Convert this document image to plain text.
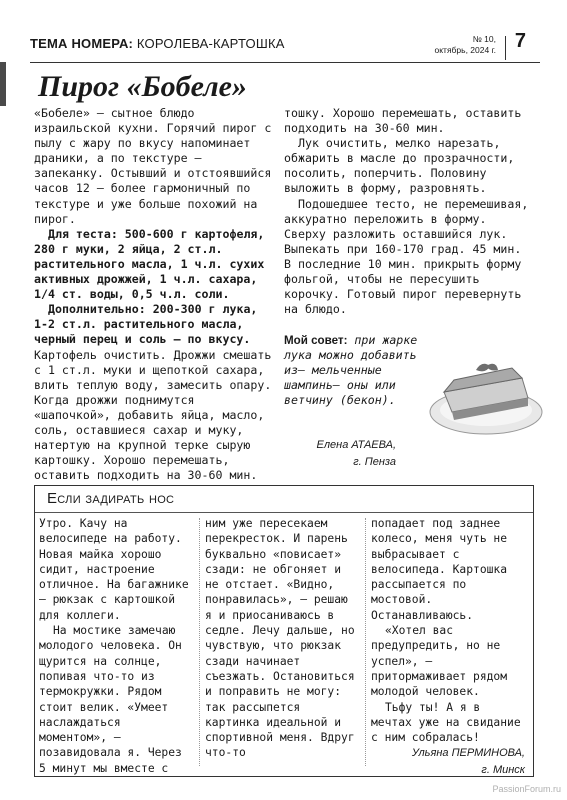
ТЕМА НОМЕРА: КОРОЛЕВА-КАРТОШКА	№ 10,
октябрь, 2024 г. 7
Пирог «Бобеле»

«Бобеле» — сытное блюдо израильской кухни. Горячий пирог с пылу с жару по вкусу напоминает драники, а по текстуре — запеканку. Остывший и отстоявшийся часов 12 — более гармоничный по текстуре и уже больше похожий на пирог.

Для теста: 500-600 г картофеля, 280 г муки, 2 яйца, 2 ст.л. растительного масла, 1 ч.л. сухих активных дрожжей, 1 ч.л. сахара, 1/4 ст. воды, 0,5 ч.л. соли.

Дополнительно: 200-300 г лука, 1-2 ст.л. растительного масла, черный перец и соль — по вкусу.

Картофель очистить. Дрожжи смешать с 1 ст.л. муки и щепоткой сахара, влить теплую воду, замесить опару. Когда дрожжи поднимутся «шапочкой», добавить яйца, масло, соль, оставшиеся сахар и муку, натертую на крупной терке сырую картошку. Хорошо перемешать, оставить подходить на 30-60 мин.

тошку. Хорошо перемешать, оставить подходить на 30-60 мин.

Лук очистить, мелко нарезать, обжарить в масле до прозрачности, посолить, поперчить. Половину выложить в форму, разровнять.

Подошедшее тесто, не перемешивая, аккуратно переложить в форму. Сверху разложить оставшийся лук. Выпекать при 160-170 град. 45 мин. В последние 10 мин. прикрыть форму фольгой, чтобы не пересушить корочку. Готовый пирог перевернуть на блюдо.

Мой совет: при жарке лука можно добавить из— мельченные шампинь— оны или ветчину (бекон).
Елена АТАЕВА,
г. Пенза
Если задирать нос

Утро. Качу на велосипеде на работу. Новая майка хорошо сидит, настроение отличное. На багажнике — рюкзак с картошкой для коллеги.

На мостике замечаю молодого человека. Он щурится на солнце, попивая что-то из термокружки. Рядом стоит велик. «Умеет наслаждаться моментом», — позавидовала я. Через 5 минут мы вместе с

ним уже пересекаем перекресток. И парень буквально «повисает» сзади: не обгоняет и не отстает. «Видно, понравилась», — решаю я и приосаниваюсь в седле. Лечу дальше, но чувствую, что рюкзак сзади начинает съезжать. Остановиться и поправить не могу: так рассыпется картинка идеальной и спортивной меня. Вдруг что-то

попадает под заднее колесо, меня чуть не выбрасывает с велосипеда. Картошка рассыпается по мостовой. Останавливаюсь.

«Хотел вас предупредить, но не успел», — притормаживает рядом молодой человек.

Тьфу ты! А я в мечтах уже на свидание с ним собралась!

Ульяна ПЕРМИНОВА,
г. Минск
PassionForum.ru
